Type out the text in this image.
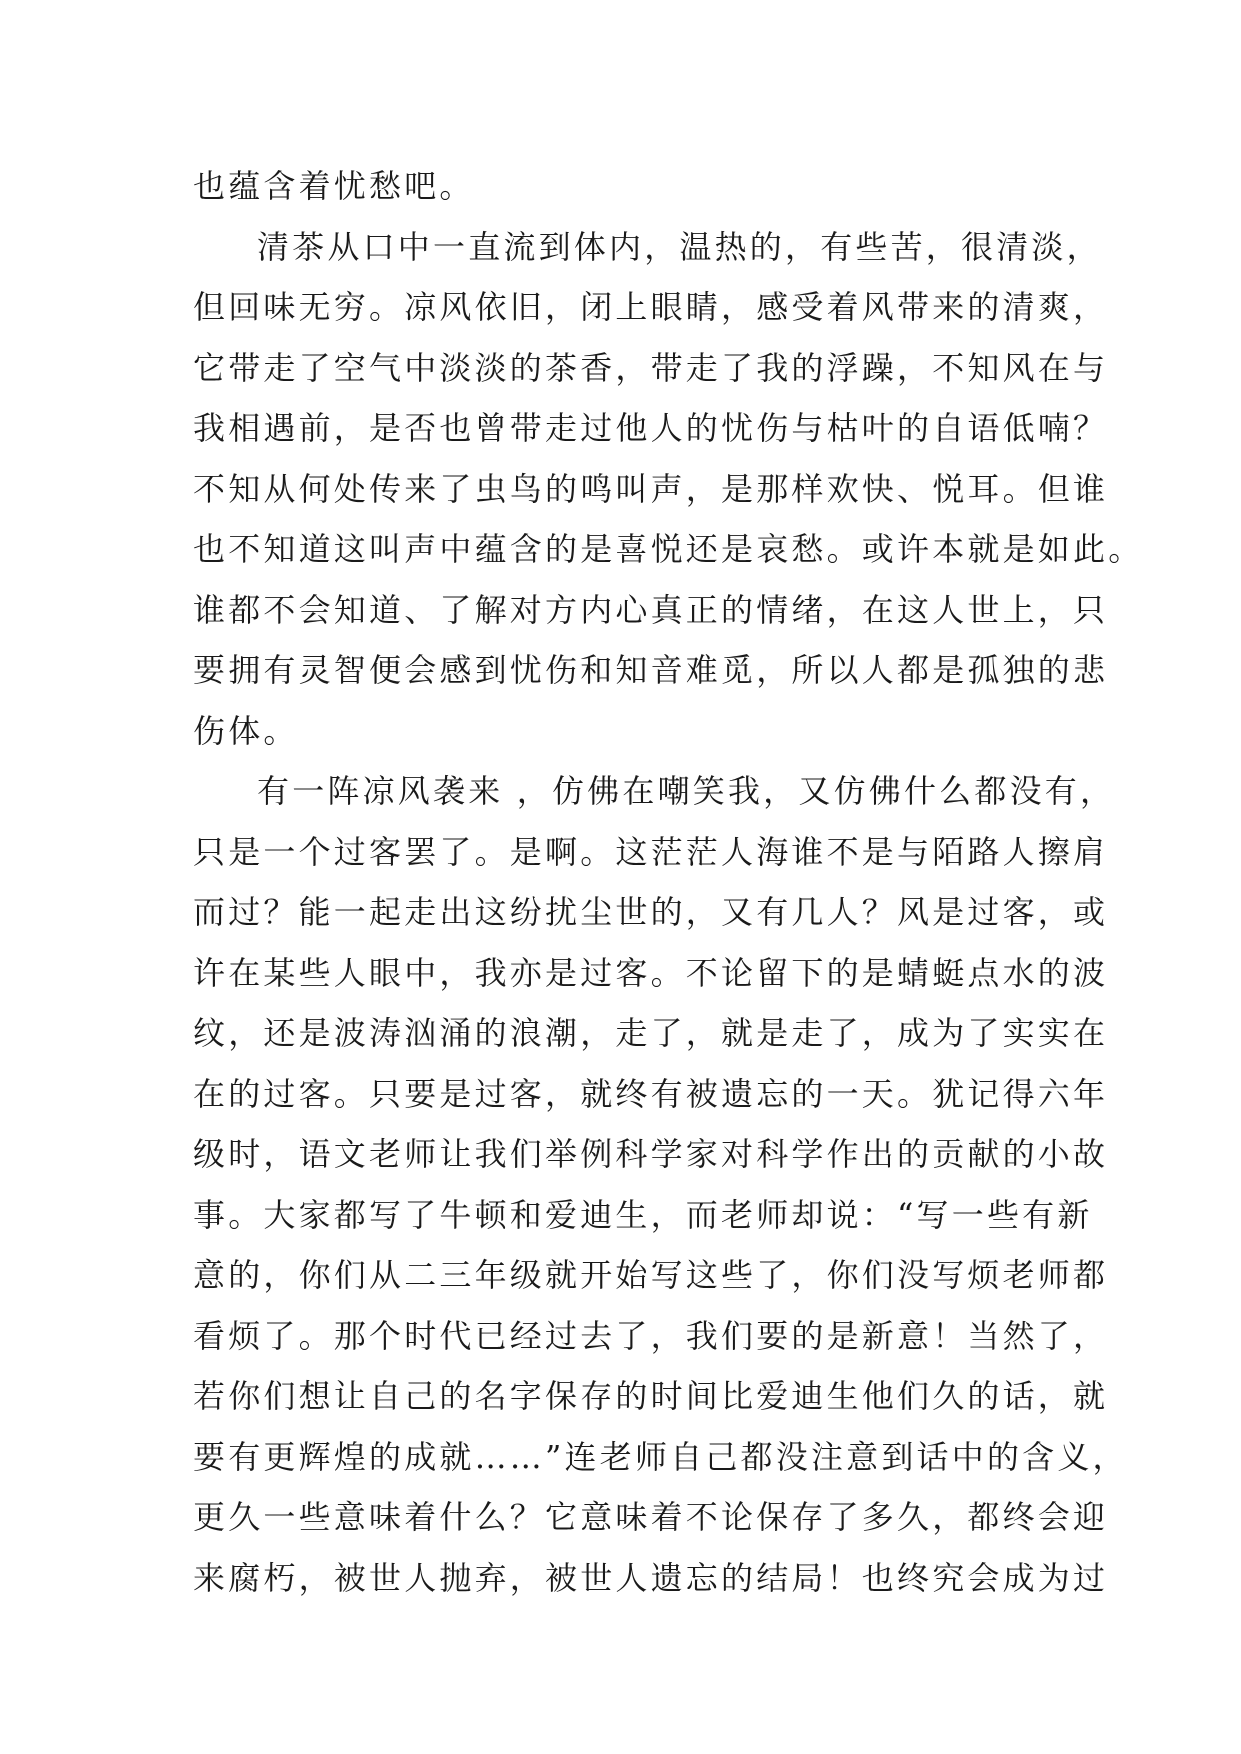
也蕴含着忧愁吧。
清茶从口中一直流到体内，温热的，有些苦，很清淡，
但回味无穷。凉风依旧，闭上眼睛，感受着风带来的清爽，
它带走了空气中淡淡的茶香，带走了我的浮躁，不知风在与
我相遇前，是否也曾带走过他人的忧伤与枯叶的自语低喃？
不知从何处传来了虫鸟的鸣叫声，是那样欢快、悦耳。但谁
也不知道这叫声中蕴含的是喜悦还是哀愁。或许本就是如此。
谁都不会知道、了解对方内心真正的情绪，在这人世上，只
要拥有灵智便会感到忧伤和知音难觅，所以人都是孤独的悲
伤体。
有一阵凉风袭来 ，仿佛在嘲笑我，又仿佛什么都没有，
只是一个过客罢了。是啊。这茫茫人海谁不是与陌路人擦肩
而过？能一起走出这纷扰尘世的，又有几人？风是过客，或
许在某些人眼中，我亦是过客。不论留下的是蜻蜓点水的波
纹，还是波涛汹涌的浪潮，走了，就是走了，成为了实实在
在的过客。只要是过客，就终有被遗忘的一天。犹记得六年
级时，语文老师让我们举例科学家对科学作出的贡献的小故
事。大家都写了牛顿和爱迪生，而老师却说：“写一些有新
意的，你们从二三年级就开始写这些了，你们没写烦老师都
看烦了。那个时代已经过去了，我们要的是新意！当然了，
若你们想让自己的名字保存的时间比爱迪生他们久的话，就
要有更辉煌的成就……”连老师自己都没注意到话中的含义，
更久一些意味着什么？它意味着不论保存了多久，都终会迎
来腐朽，被世人抛弃，被世人遗忘的结局！也终究会成为过
